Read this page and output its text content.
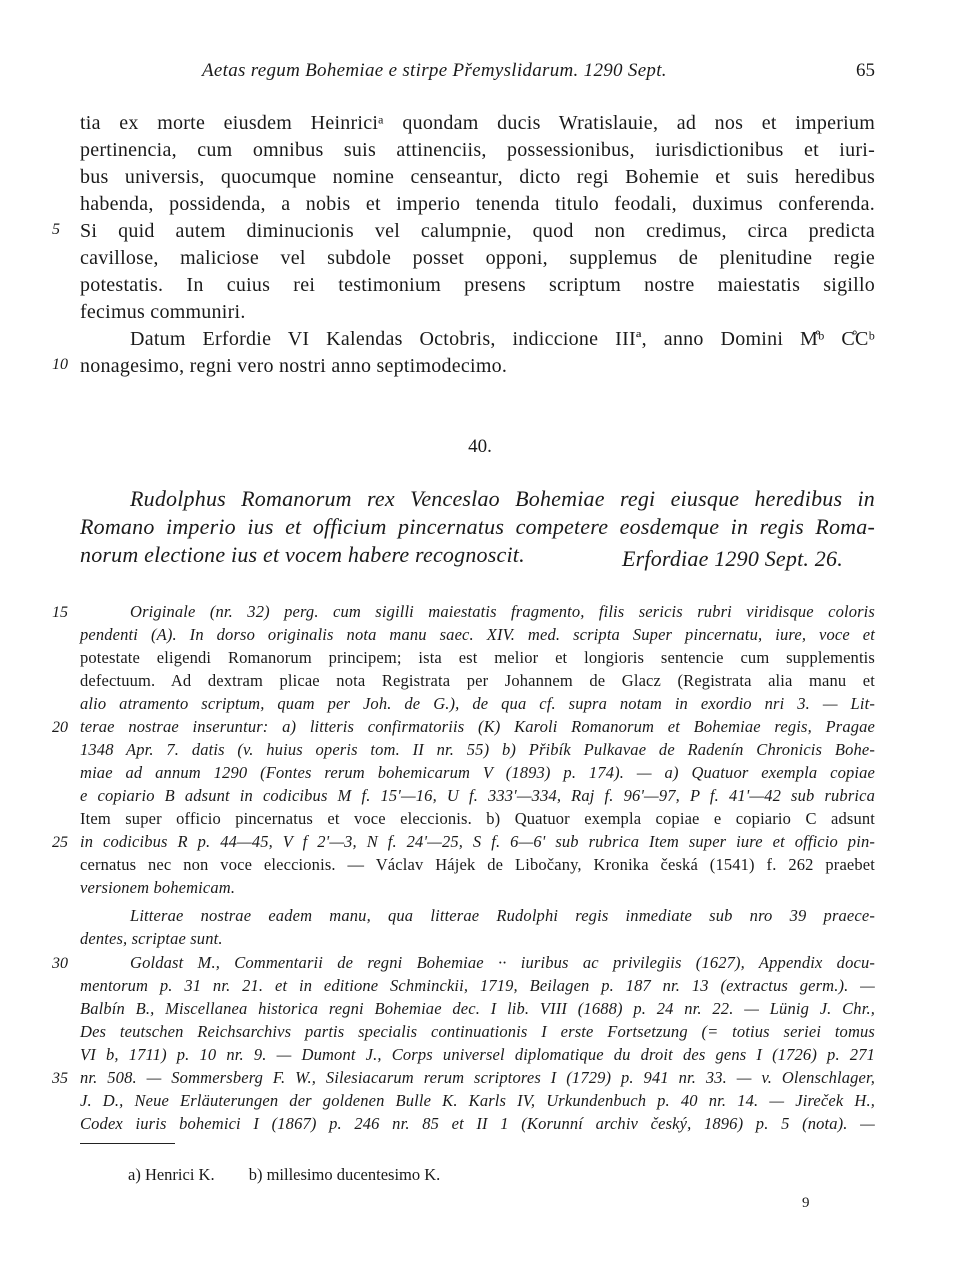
Aetas regum Bohemiae e stirpe Přemyslidarum. 1290 Sept.	65
tia ex morte eiusdem Heinriciᵃ quondam ducis Wratislauie, ad nos et imperium
pertinencia, cum omnibus suis attinenciis, possessionibus, iurisdictionibus et iuri-
bus universis, quocumque nomine censeantur, dicto regi Bohemie et suis heredibus
habenda, possidenda, a nobis et imperio tenenda titulo feodali, duximus conferenda.
5 Si quid autem diminucionis vel calumpnie, quod non credimus, circa predicta
cavillose, maliciose vel subdole posset opponi, supplemus de plenitudine regie
potestatis. In cuius rei testimonium presens scriptum nostre maiestatis sigillo
fecimus communiri.
Datum Erfordie VI Kalendas Octobris, indiccione IIIª, anno Domini M̊ᵇ C̊Cᵇ
10 nonagesimo, regni vero nostri anno septimodecimo.
40.
Rudolphus Romanorum rex Venceslao Bohemiae regi eiusque heredibus in
Romano imperio ius et officium pincernatus competere eosdemque in regis Roma-
norum electione ius et vocem habere recognoscit.	Erfordiae 1290 Sept. 26.
15	Originale (nr. 32) perg. cum sigilli maiestatis fragmento, filis sericis rubri viridisque coloris
pendenti (A). In dorso originalis nota manu saec. XIV. med. scripta Super pincernatu, iure, voce et
potestate eligendi Romanorum principem; ista est melior et longioris sentencie cum supplementis
defectuum. Ad dextram plicae nota Registrata per Johannem de Glacz (Registrata alia manu et
alio atramento scriptum, quam per Joh. de G.), de qua cf. supra notam in exordio nri 3. — Lit-
20 terae nostrae inseruntur: a) litteris confirmatoriis (K) Karoli Romanorum et Bohemiae regis, Pragae
1348 Apr. 7. datis (v. huius operis tom. II nr. 55) b) Přibík Pulkavae de Radenín Chronicis Bohe-
miae ad annum 1290 (Fontes rerum bohemicarum V (1893) p. 174). — a) Quatuor exempla copiae
e copiario B adsunt in codicibus M f. 15'—16, U f. 333'—334, Raj f. 96'—97, P f. 41'—42 sub rubrica
Item super officio pincernatus et voce eleccionis. b) Quatuor exempla copiae e copiario C adsunt
25 in codicibus R p. 44—45, V f 2'—3, N f. 24'—25, S f. 6—6' sub rubrica Item super iure et officio pin-
cernatus nec non voce eleccionis. — Václav Hájek de Libočany, Kronika česká (1541) f. 262 praebet
versionem bohemicam.
Litterae nostrae eadem manu, qua litterae Rudolphi regis inmediate sub nro 39 praece-
dentes, scriptae sunt.
30	Goldast M., Commentarii de regni Bohemiae ·· iuribus ac privilegiis (1627), Appendix docu-
mentorum p. 31 nr. 21. et in editione Schminckii, 1719, Beilagen p. 187 nr. 13 (extractus germ.). —
Balbín B., Miscellanea historica regni Bohemiae dec. I lib. VIII (1688) p. 24 nr. 22. — Lünig J. Chr.,
Des teutschen Reichsarchivs partis specialis continuationis I erste Fortsetzung (= totius seriei tomus
VI b, 1711) p. 10 nr. 9. — Dumont J., Corps universel diplomatique du droit des gens I (1726) p. 271
35 nr. 508. — Sommersberg F. W., Silesiacarum rerum scriptores I (1729) p. 941 nr. 33. — v. Olenschlager,
J. D., Neue Erläuterungen der goldenen Bulle K. Karls IV, Urkundenbuch p. 40 nr. 14. — Jireček H.,
Codex iuris bohemici I (1867) p. 246 nr. 85 et II 1 (Korunní archiv český, 1896) p. 5 (nota). —
a) Henrici K. b) millesimo ducentesimo K.
9
